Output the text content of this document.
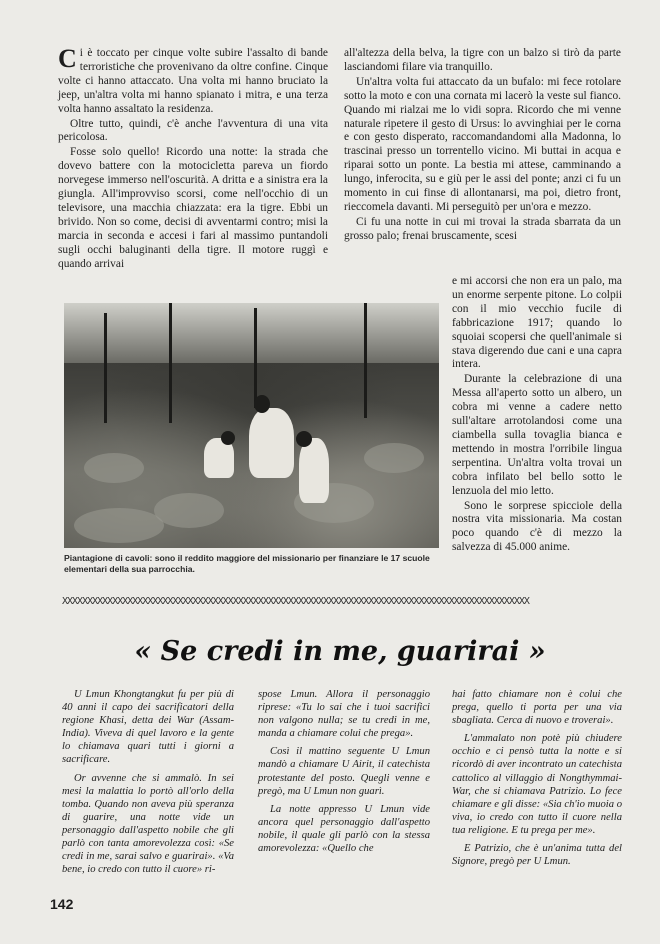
Ci è toccato per cinque volte subire l'assalto di bande terroristiche che provenivano da oltre confine. Cinque volte ci hanno attaccato. Una volta mi hanno bruciato la jeep, un'altra volta mi hanno spianato i mitra, e una terza volta hanno assaltato la residenza.

Oltre tutto, quindi, c'è anche l'avventura di una vita pericolosa.

Fosse solo quello! Ricordo una notte: la strada che dovevo battere con la motocicletta pareva un fiordo norvegese immerso nell'oscurità. A dritta e a sinistra era la giungla. All'improvviso scorsi, come nell'occhio di un televisore, una macchia chiazzata: era la tigre. Ebbi un brivido. Non so come, decisi di avventarmi contro; misi la marcia in seconda e accesi i fari al massimo puntandoli sugli occhi baluginanti della tigre. Il motore ruggì e quando arrivai

all'altezza della belva, la tigre con un balzo si tirò da parte lasciandomi filare via tranquillo.

Un'altra volta fui attaccato da un bufalo: mi fece rotolare sotto la moto e con una cornata mi lacerò la veste sul fianco. Quando mi rialzai me lo vidi sopra. Ricordo che mi venne naturale ripetere il gesto di Ursus: lo avvinghiai per le corna e con gesto disperato, raccomandandomi alla Madonna, lo trascinai presso un torrentello vicino. Mi buttai in acqua e riparai sotto un ponte. La bestia mi attese, camminando a lungo, inferocita, su e giù per le assi del ponte; anzi ci fu un momento in cui finse di allontanarsi, ma poi, dietro front, rieccomela davanti. Mi perseguitò per un'ora e mezzo.

Ci fu una notte in cui mi trovai la strada sbarrata da un grosso palo; frenai bruscamente, scesi

e mi accorsi che non era un palo, ma un enorme serpente pitone. Lo colpii con il mio vecchio fucile di fabbricazione 1917; quando lo squoiai scopersi che quell'animale si stava digerendo due cani e una capra intera.

Durante la celebrazione di una Messa all'aperto sotto un albero, un cobra mi venne a cadere netto sull'altare arrotolandosi come una ciambella sulla tovaglia bianca e mettendo in mostra l'orribile lingua serpentina. Un'altra volta trovai un cobra infilato bel bello sotto le lenzuola del mio letto.

Sono le sorprese spicciole della nostra vita missionaria. Ma costan poco quando c'è di mezzo la salvezza di 45.000 anime.

Piantagione di cavoli: sono il reddito maggiore del missionario per finanziare le 17 scuole elementari della sua parrocchia.
XXXXXXXXXXXXXXXXXXXXXXXXXXXXXXXXXXXXXXXXXXXXXXXXXXXXXXXXXXXXXXXXXXXXXXXXXXXXXXXXXXXXXXXXXXXXX
« Se credi in me, guarirai »

U Lmun Khongtangkut fu per più di 40 anni il capo dei sacrificatori della regione Khasi, detta dei War (Assam-India). Viveva di quel lavoro e la gente lo chiamava quari tutti i giorni a sacrificare.

Or avvenne che si ammalò. In sei mesi la malattia lo portò all'orlo della tomba. Quando non aveva più speranza di guarire, una notte vide un personaggio dall'aspetto nobile che gli parlò con tanta amorevolezza così: «Se credi in me, sarai salvo e guarirai». «Va bene, io credo con tutto il cuore» ri-

spose Lmun. Allora il personaggio riprese: «Tu lo sai che i tuoi sacrifici non valgono nulla; se tu credi in me, manda a chiamare colui che prega».

Così il mattino seguente U Lmun mandò a chiamare U Airit, il catechista protestante del posto. Quegli venne e pregò, ma U Lmun non guarì.

La notte appresso U Lmun vide ancora quel personaggio dall'aspetto nobile, il quale gli parlò con la stessa amorevolezza: «Quello che

hai fatto chiamare non è colui che prega, quello ti porta per una via sbagliata. Cerca di nuovo e troverai».

L'ammalato non potè più chiudere occhio e ci pensò tutta la notte e si ricordò di aver incontrato un catechista cattolico al villaggio di Nongthymmai-War, che si chiamava Patrizio. Lo fece chiamare e gli disse: «Sia ch'io muoia o viva, io credo con tutto il cuore nella tua religione. E tu prega per me».

E Patrizio, che è un'anima tutta del Signore, pregò per U Lmun.

142
